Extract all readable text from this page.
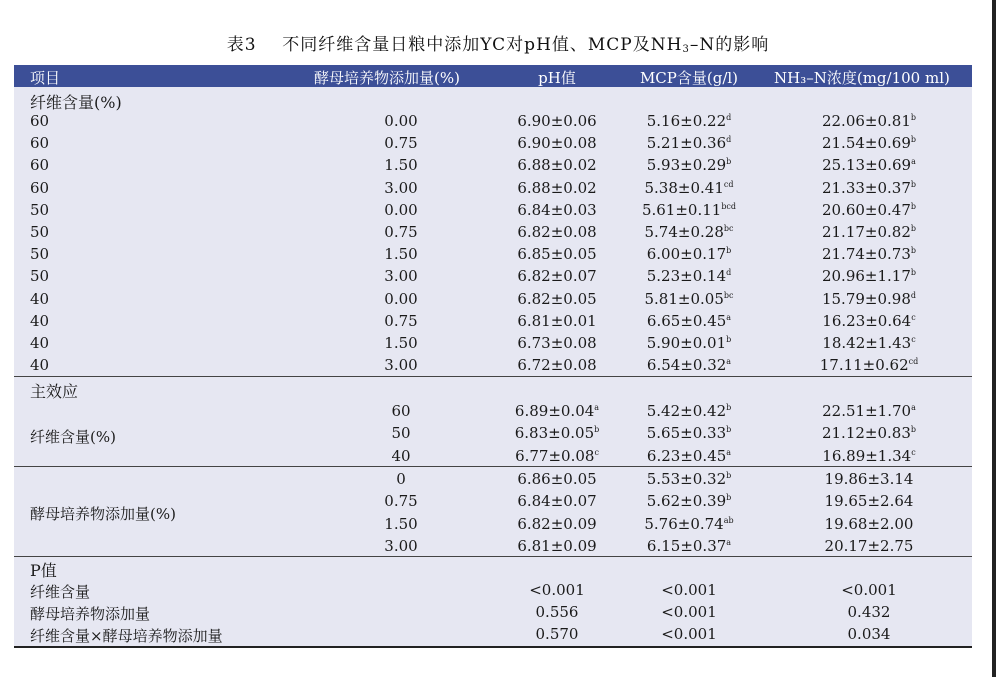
表3 不同纤维含量日粮中添加YC对pH值、MCP及$NH_3-N$的影响
项目	酵母培养物添加量(%)	pH值	MCP含量(g/l)	NH₃–N浓度(mg/100 ml)
纤维含量(%)
60	0.00	6.90±0.06	5.16±0.22$^d$	22.06±0.81$^b$
60	0.75	6.90±0.08	5.21±0.36$^d$	21.54±0.69$^b$
60	1.50	6.88±0.02	5.93±0.29$^b$	25.13±0.69$^a$
60	3.00	6.88±0.02	5.38±0.41$^{cd}$	21.33±0.37$^b$
50	0.00	6.84±0.03	5.61±0.11$^{bcd}$	20.60±0.47$^b$
50	0.75	6.82±0.08	5.74±0.28$^{bc}$	21.17±0.82$^b$
50	1.50	6.85±0.05	6.00±0.17$^b$	21.74±0.73$^b$
50	3.00	6.82±0.07	5.23±0.14$^d$	20.96±1.17$^b$
40	0.00	6.82±0.05	5.81±0.05$^{bc}$	15.79±0.98$^d$
40	0.75	6.81±0.01	6.65±0.45$^a$	16.23±0.64$^c$
40	1.50	6.73±0.08	5.90±0.01$^b$	18.42±1.43$^c$
40	3.00	6.72±0.08	6.54±0.32$^a$	17.11±0.62$^{cd}$
主效应
纤维含量(%)
60	6.89±0.04$^a$	5.42±0.42$^b$	22.51±1.70$^a$
50	6.83±0.05$^b$	5.65±0.33$^b$	21.12±0.83$^b$
40	6.77±0.08$^c$	6.23±0.45$^a$	16.89±1.34$^c$
酵母培养物添加量(%)
0	6.86±0.05	5.53±0.32$^b$	19.86±3.14
0.75	6.84±0.07	5.62±0.39$^b$	19.65±2.64
1.50	6.82±0.09	5.76±0.74$^{ab}$	19.68±2.00
3.00	6.81±0.09	6.15±0.37$^a$	20.17±2.75
P值
纤维含量	<0.001	<0.001	<0.001
酵母培养物添加量	0.556	<0.001	0.432
纤维含量×酵母培养物添加量	0.570	<0.001	0.034
